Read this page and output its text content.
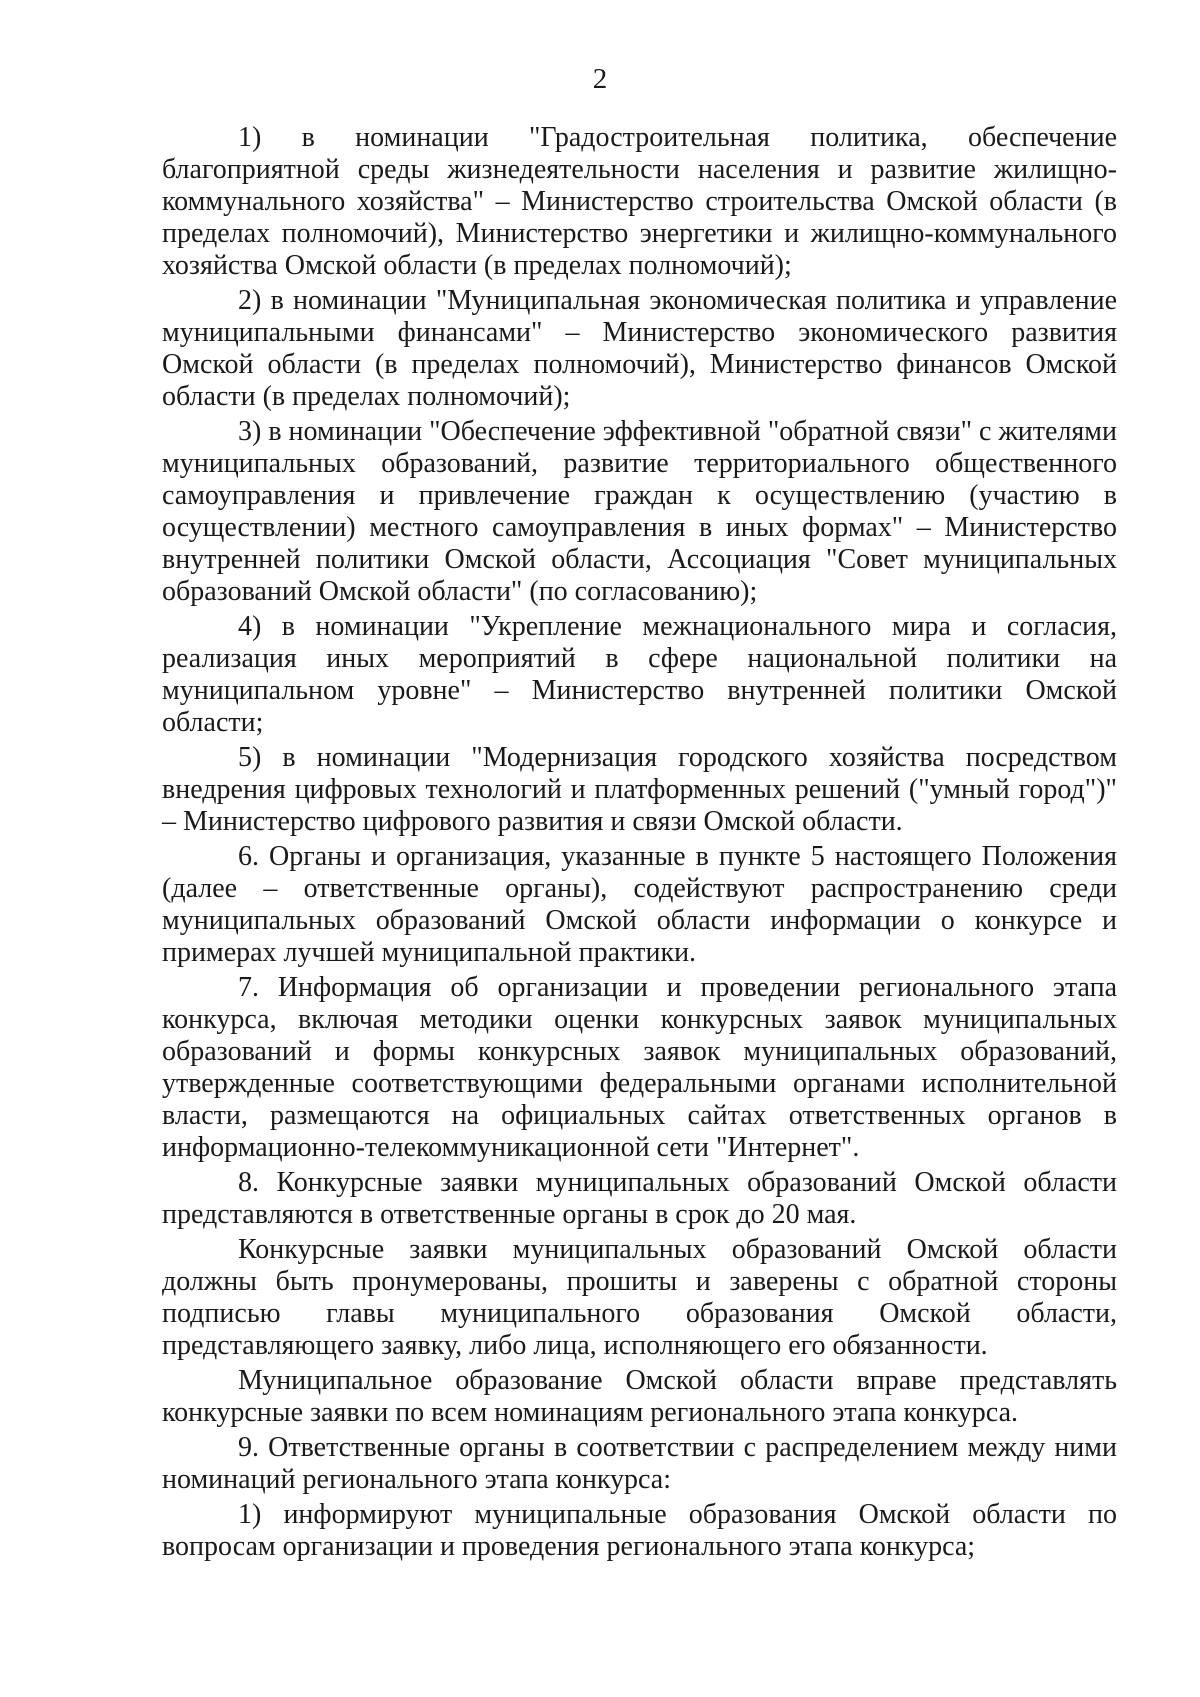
2

1) в номинации "Градостроительная политика, обеспечение благоприятной среды жизнедеятельности населения и развитие жилищно-коммунального хозяйства" – Министерство строительства Омской области (в пределах полномочий), Министерство энергетики и жилищно-коммунального хозяйства Омской области (в пределах полномочий);

2) в номинации "Муниципальная экономическая политика и управление муниципальными финансами" – Министерство экономического развития Омской области (в пределах полномочий), Министерство финансов Омской области (в пределах полномочий);

3) в номинации "Обеспечение эффективной "обратной связи" с жителями муниципальных образований, развитие территориального общественного самоуправления и привлечение граждан к осуществлению (участию в осуществлении) местного самоуправления в иных формах" – Министерство внутренней политики Омской области, Ассоциация "Совет муниципальных образований Омской области" (по согласованию);

4) в номинации "Укрепление межнационального мира и согласия, реализация иных мероприятий в сфере национальной политики на муниципальном уровне" – Министерство внутренней политики Омской области;

5) в номинации "Модернизация городского хозяйства посредством внедрения цифровых технологий и платформенных решений ("умный город")" – Министерство цифрового развития и связи Омской области.

6. Органы и организация, указанные в пункте 5 настоящего Положения (далее – ответственные органы), содействуют распространению среди муниципальных образований Омской области информации о конкурсе и примерах лучшей муниципальной практики.

7. Информация об организации и проведении регионального этапа конкурса, включая методики оценки конкурсных заявок муниципальных образований и формы конкурсных заявок муниципальных образований, утвержденные соответствующими федеральными органами исполнительной власти, размещаются на официальных сайтах ответственных органов в информационно-телекоммуникационной сети "Интернет".

8. Конкурсные заявки муниципальных образований Омской области представляются в ответственные органы в срок до 20 мая.

Конкурсные заявки муниципальных образований Омской области должны быть пронумерованы, прошиты и заверены с обратной стороны подписью главы муниципального образования Омской области, представляющего заявку, либо лица, исполняющего его обязанности.

Муниципальное образование Омской области вправе представлять конкурсные заявки по всем номинациям регионального этапа конкурса.

9. Ответственные органы в соответствии с распределением между ними номинаций регионального этапа конкурса:

1) информируют муниципальные образования Омской области по вопросам организации и проведения регионального этапа конкурса;
